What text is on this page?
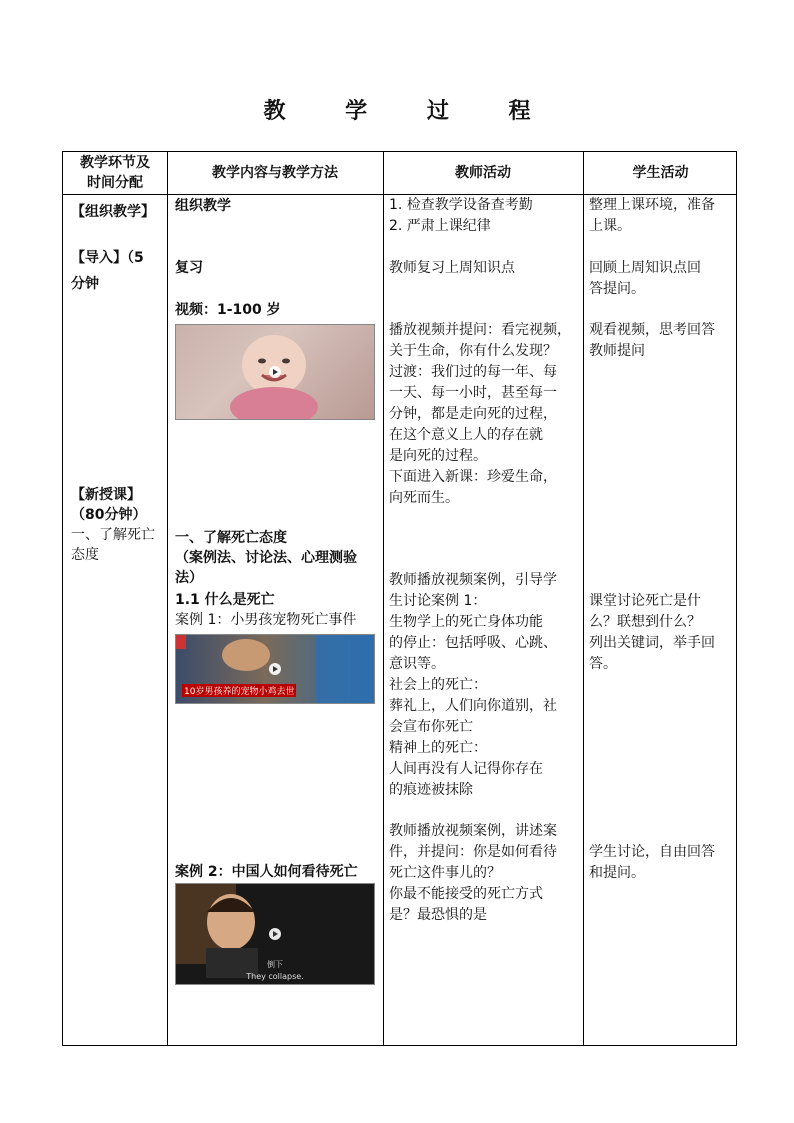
教 学 过 程
教学环节及
时间分配
教学内容与教学方法	教师活动	学生活动
【组织教学】
【导入】（5
分钟
【新授课】
（80分钟）
一、了解死亡
态度
组织教学
复习
视频：1-100 岁
一、了解死亡态度
（案例法、讨论法、心理测验
法）
1.1 什么是死亡
案例 1：小男孩宠物死亡事件
10岁男孩养的宠物小鸡去世
案例 2：中国人如何看待死亡
倒下
They collapse.
1. 检查教学设备查考勤
2. 严肃上课纪律
教师复习上周知识点
播放视频并提问：看完视频，
关于生命，你有什么发现？
过渡：我们过的每一年、每
一天、每一小时，甚至每一
分钟，都是走向死的过程，
在这个意义上人的存在就
是向死的过程。
下面进入新课：珍爱生命，
向死而生。
教师播放视频案例，引导学
生讨论案例 1：
生物学上的死亡身体功能
的停止：包括呼吸、心跳、
意识等。
社会上的死亡：
葬礼上，人们向你道别，社
会宣布你死亡
精神上的死亡：
人间再没有人记得你存在
的痕迹被抹除
教师播放视频案例，讲述案
件，并提问：你是如何看待
死亡这件事儿的？
你最不能接受的死亡方式
是？最恐惧的是
整理上课环境，准备
上课。
回顾上周知识点回
答提问。
观看视频，思考回答
教师提问
课堂讨论死亡是什
么？联想到什么？
列出关键词，举手回
答。
学生讨论，自由回答
和提问。
